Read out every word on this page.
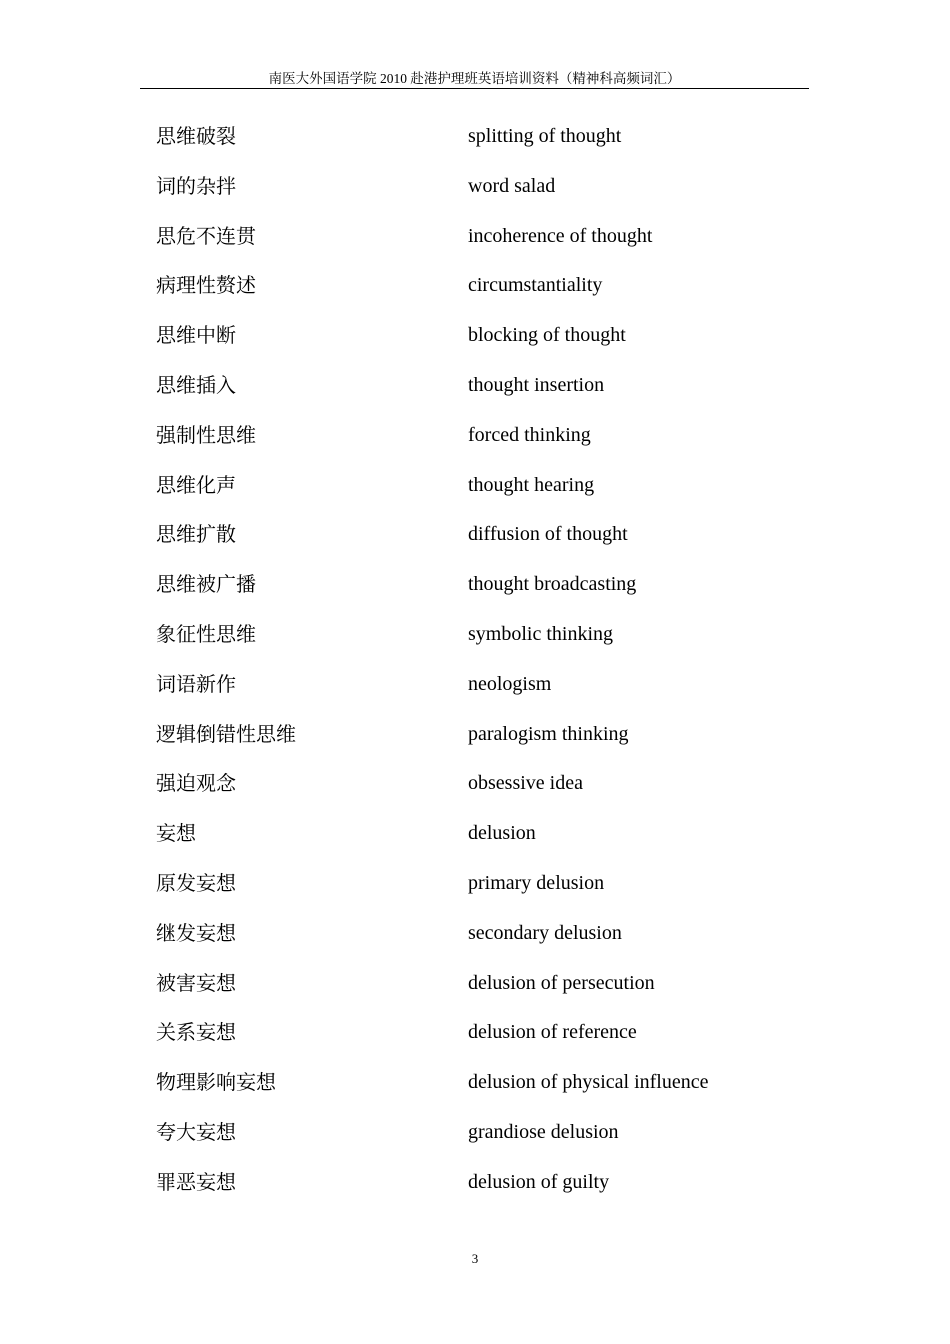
南医大外国语学院 2010 赴港护理班英语培训资料（精神科高频词汇）
思维破裂	splitting of thought
词的杂拌	word salad
思危不连贯	incoherence of thought
病理性赘述	circumstantiality
思维中断	blocking of thought
思维插入	thought insertion
强制性思维	forced thinking
思维化声	thought hearing
思维扩散	diffusion of thought
思维被广播	thought broadcasting
象征性思维	symbolic thinking
词语新作	neologism
逻辑倒错性思维	paralogism thinking
强迫观念	obsessive idea
妄想	delusion
原发妄想	primary delusion
继发妄想	secondary delusion
被害妄想	delusion of persecution
关系妄想	delusion of reference
物理影响妄想	delusion of physical influence
夸大妄想	grandiose delusion
罪恶妄想	delusion of guilty
3
